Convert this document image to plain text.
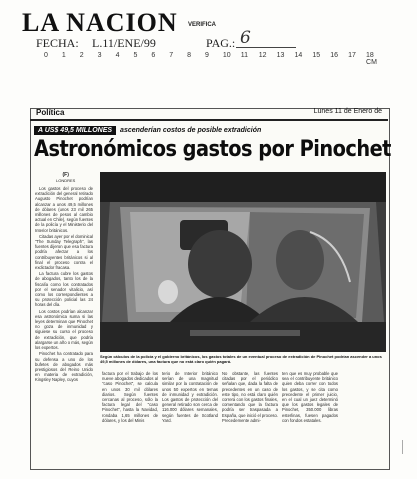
LA NACION VERIFICA
FECHA: L.11/ENE/99	PAG.: 6
0	1	2	3	4	5	6	7	8	9	10	11	12	13	14	15	16	17	18 CM
Política	Lunes 11 de Enero de
A US$ 49,5 MILLONES	ascenderían costos de posible extradición
Astronómicos gastos por Pinochet
(F)
LONDRES

Los gastos del proceso de extradición del general retirado Augusto Pinochet podrían alcanzar a unos 49,5 millones de dólares (unos 23 mil 265 millones de pesos al cambio actual en Chile), según fuentes de la policía y el Ministerio del Interior británicos.

Citadas ayer por el dominical "The Sunday Telegraph", las fuentes dijeron que esa factura podría afectar a los contribuyentes británicos si al final el proceso contra el exdictador fracasa.

La factura cubre los gastos de abogados, tanto los de la fiscalía como los contratados por el senador vitalicio, así como los correspondientes a su protección policial las 24 horas del día.

Los costos podrían alcanzar esa astronómica suma si las leyes determinan que Pinochet no goza de inmunidad y siguiese su curso el proceso de extradición, que podría alargarse un año o más, según los expertos.

Pinochet ha contratado para su defensa a uno de los bufetes de abogados más prestigiosos del Reino Unido en materia de extradición, Kingsley Napley, cuyos

Según cálculos de la policía y el gobierno británicos, los gastos totales de un eventual proceso de extradición de Pinochet podrían ascender a unos 49,5 millones de dólares, una factura que no está claro quién pagará.
factura por el trabajo de los nueve abogados dedicados al "caso Pinochet", se calcula en unos 30 mil dólares diarios. Según fuentes cercanas al proceso, sólo la factura legal del "caso Pinochet", hasta la Navidad, rondaba 1,65 millones de dólares, y los del Minis
terio de Interior británico serían de una magnitud similar por la contratación de unos 50 expertos en temas de inmunidad y extradición. Los gastos de protección del general retirado son cerca de 116.000 dólares semanales, según fuentes de Scotland Yard.
No obstante, las fuentes citadas por el periódico señalan que, dada la falta de precedentes en un caso de este tipo, no está claro quién correrá con los gastos finales, comentando que la factura podría ser traspasada a España, que inició el proceso. Precedemente admi-
ten que es muy probable que sea el contribuyente británico quien deba correr con todos los gastos, y se cita como precedente el primer juicio, en el cual un juez determinó que los gastos legales de Pinochet, 350.000 libras esterlinas, fuesen pagados con fondos estatales.
